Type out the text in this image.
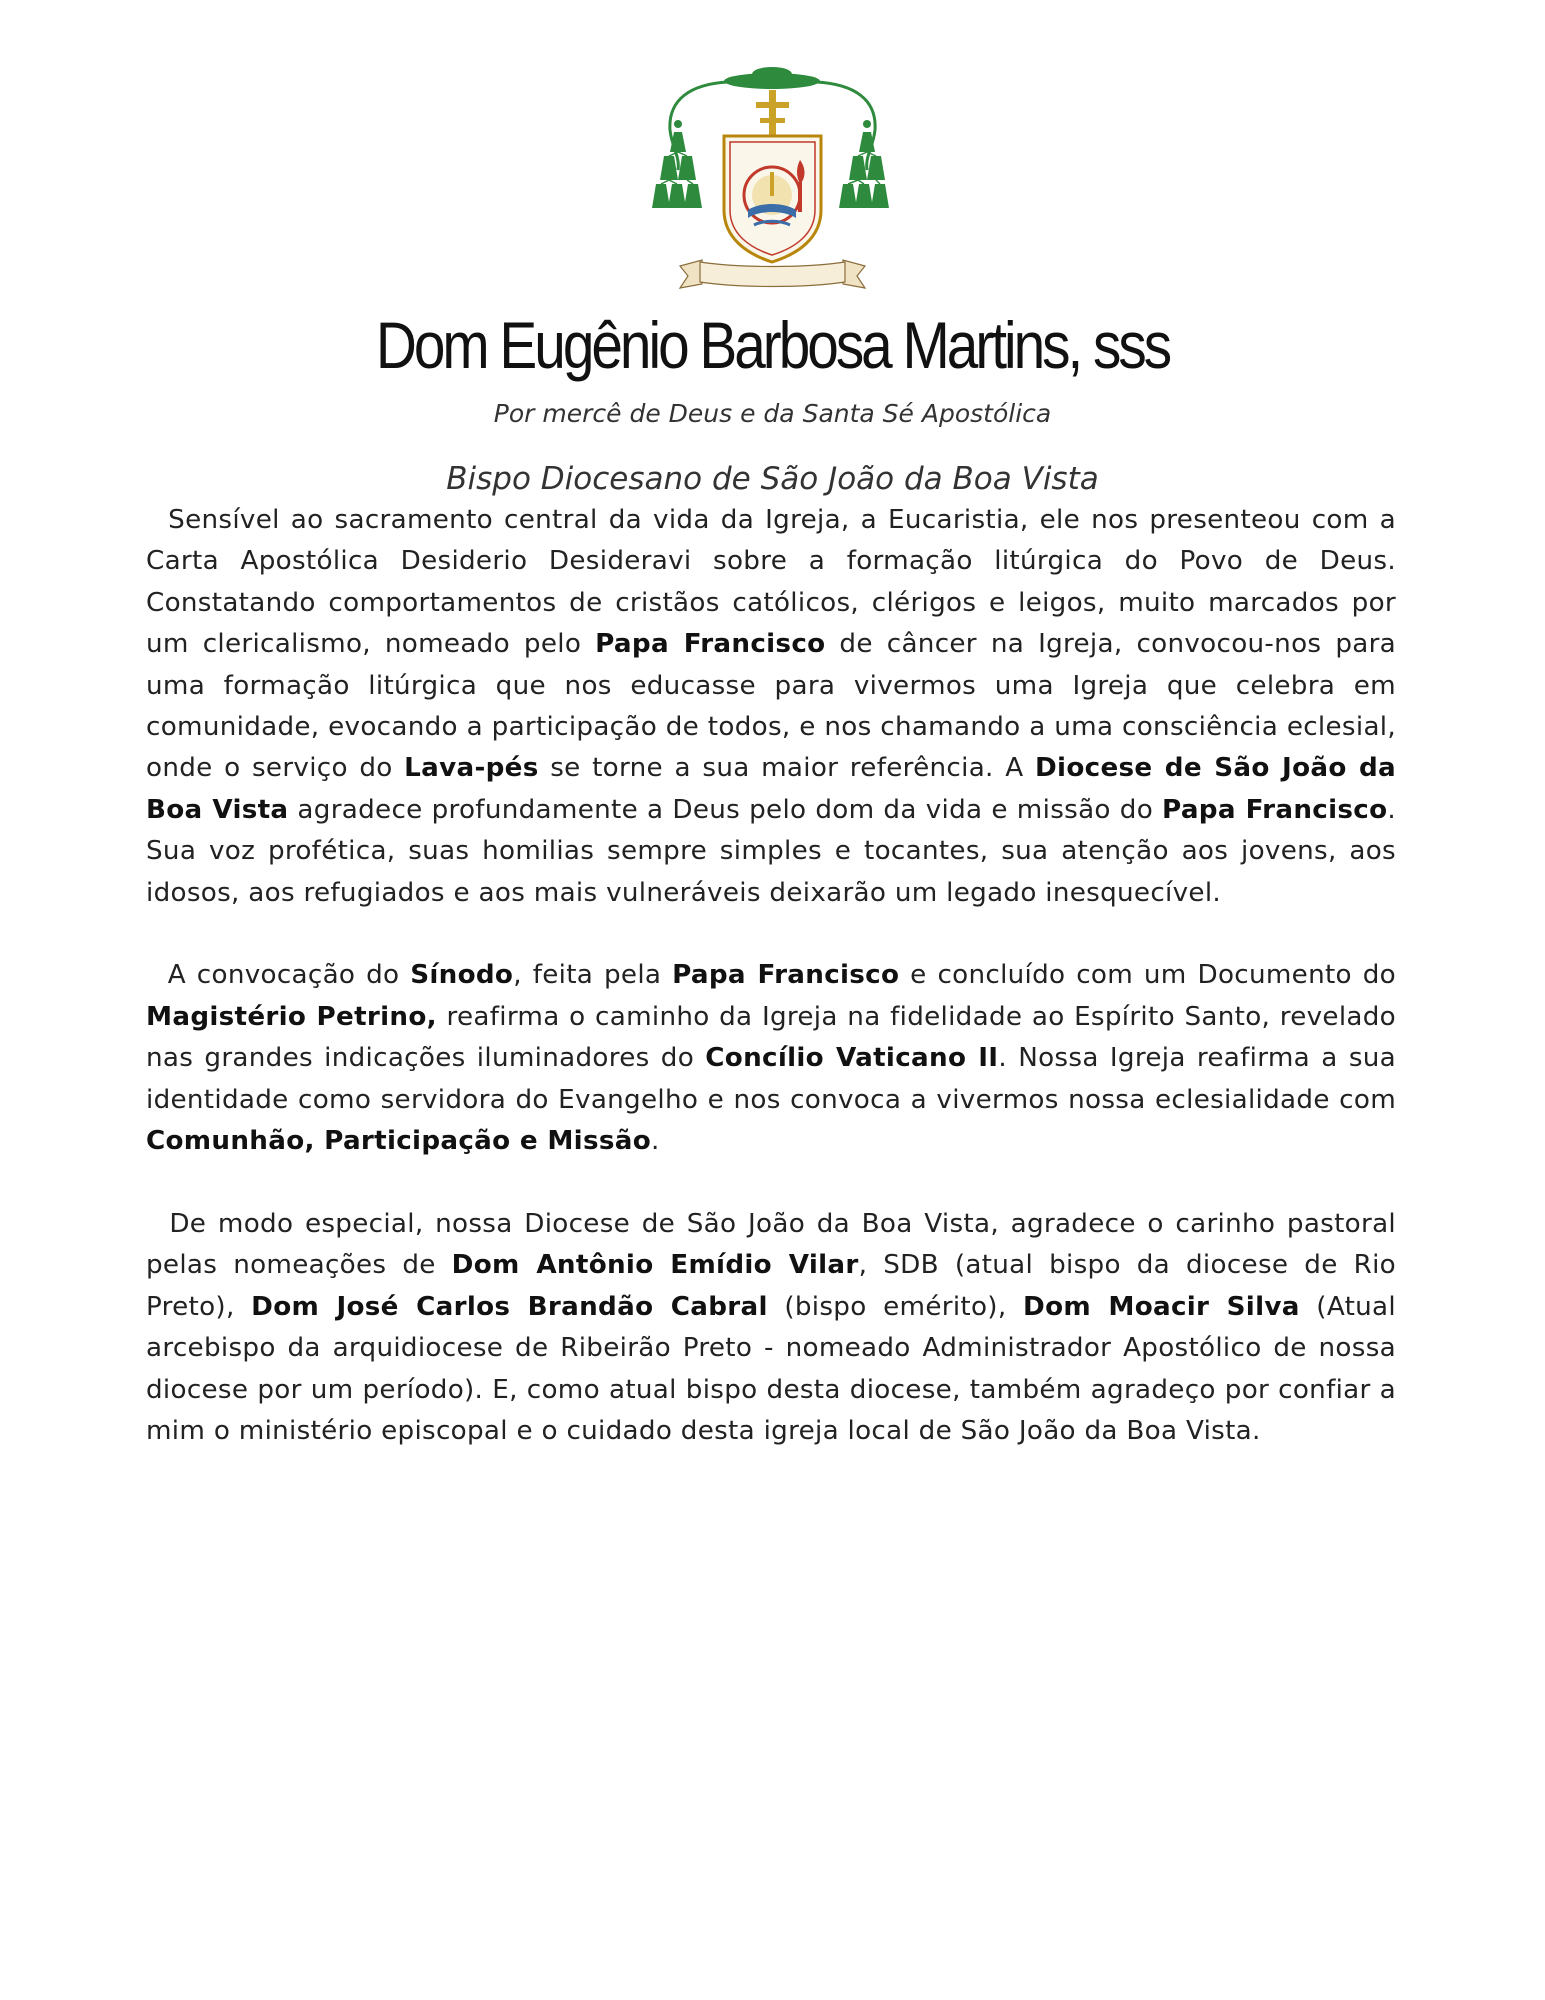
Dom Eugênio Barbosa Martins, sss
Por mercê de Deus e da Santa Sé Apostólica
Bispo Diocesano de São João da Boa Vista

Sensível ao sacramento central da vida da Igreja, a Eucaristia, ele nos presenteou com a Carta Apostólica Desiderio Desideravi sobre a formação litúrgica do Povo de Deus. Constatando comportamentos de cristãos católicos, clérigos e leigos, muito marcados por um clericalismo, nomeado pelo Papa Francisco de câncer na Igreja, convocou-nos para uma formação litúrgica que nos educasse para vivermos uma Igreja que celebra em comunidade, evocando a participação de todos, e nos chamando a uma consciência eclesial, onde o serviço do Lava-pés se torne a sua maior referência. A Diocese de São João da Boa Vista agradece profundamente a Deus pelo dom da vida e missão do Papa Francisco. Sua voz profética, suas homilias sempre simples e tocantes, sua atenção aos jovens, aos idosos, aos refugiados e aos mais vulneráveis deixarão um legado inesquecível.

A convocação do Sínodo, feita pela Papa Francisco e concluído com um Documento do Magistério Petrino, reafirma o caminho da Igreja na fidelidade ao Espírito Santo, revelado nas grandes indicações iluminadores do Concílio Vaticano II. Nossa Igreja reafirma a sua identidade como servidora do Evangelho e nos convoca a vivermos nossa eclesialidade com Comunhão, Participação e Missão.

De modo especial, nossa Diocese de São João da Boa Vista, agradece o carinho pastoral pelas nomeações de Dom Antônio Emídio Vilar, SDB (atual bispo da diocese de Rio Preto), Dom José Carlos Brandão Cabral (bispo emérito), Dom Moacir Silva (Atual arcebispo da arquidiocese de Ribeirão Preto - nomeado Administrador Apostólico de nossa diocese por um período). E, como atual bispo desta diocese, também agradeço por confiar a mim o ministério episcopal e o cuidado desta igreja local de São João da Boa Vista.
